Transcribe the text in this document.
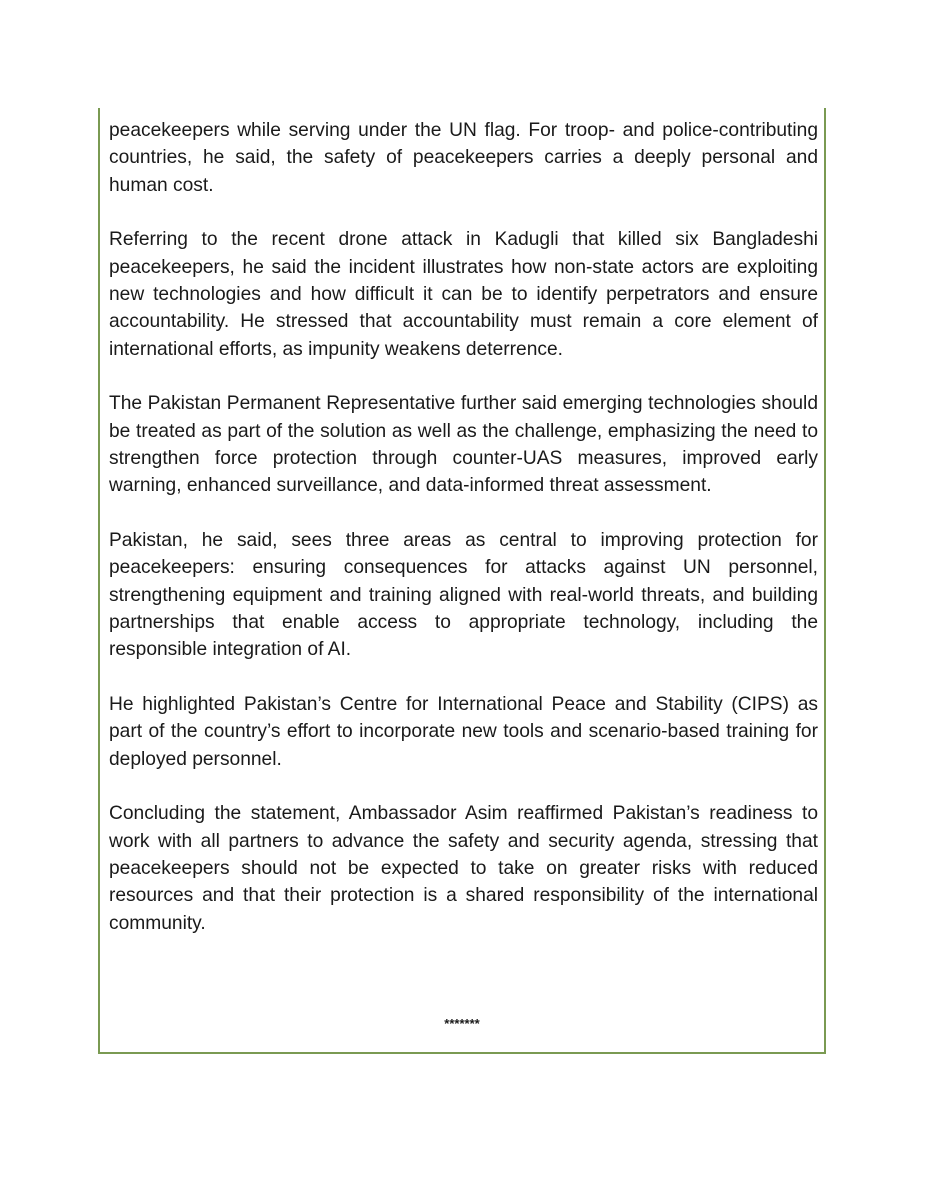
peacekeepers while serving under the UN flag. For troop- and police-contributing countries, he said, the safety of peacekeepers carries a deeply personal and human cost.

Referring to the recent drone attack in Kadugli that killed six Bangladeshi peacekeepers, he said the incident illustrates how non-state actors are exploiting new technologies and how difficult it can be to identify perpetrators and ensure accountability. He stressed that accountability must remain a core element of international efforts, as impunity weakens deterrence.

The Pakistan Permanent Representative further said emerging technologies should be treated as part of the solution as well as the challenge, emphasizing the need to strengthen force protection through counter-UAS measures, improved early warning, enhanced surveillance, and data-informed threat assessment.

Pakistan, he said, sees three areas as central to improving protection for peacekeepers: ensuring consequences for attacks against UN personnel, strengthening equipment and training aligned with real-world threats, and building partnerships that enable access to appropriate technology, including the responsible integration of AI.

He highlighted Pakistan’s Centre for International Peace and Stability (CIPS) as part of the country’s effort to incorporate new tools and scenario-based training for deployed personnel.

Concluding the statement, Ambassador Asim reaffirmed Pakistan’s readiness to work with all partners to advance the safety and security agenda, stressing that peacekeepers should not be expected to take on greater risks with reduced resources and that their protection is a shared responsibility of the international community.

*******
